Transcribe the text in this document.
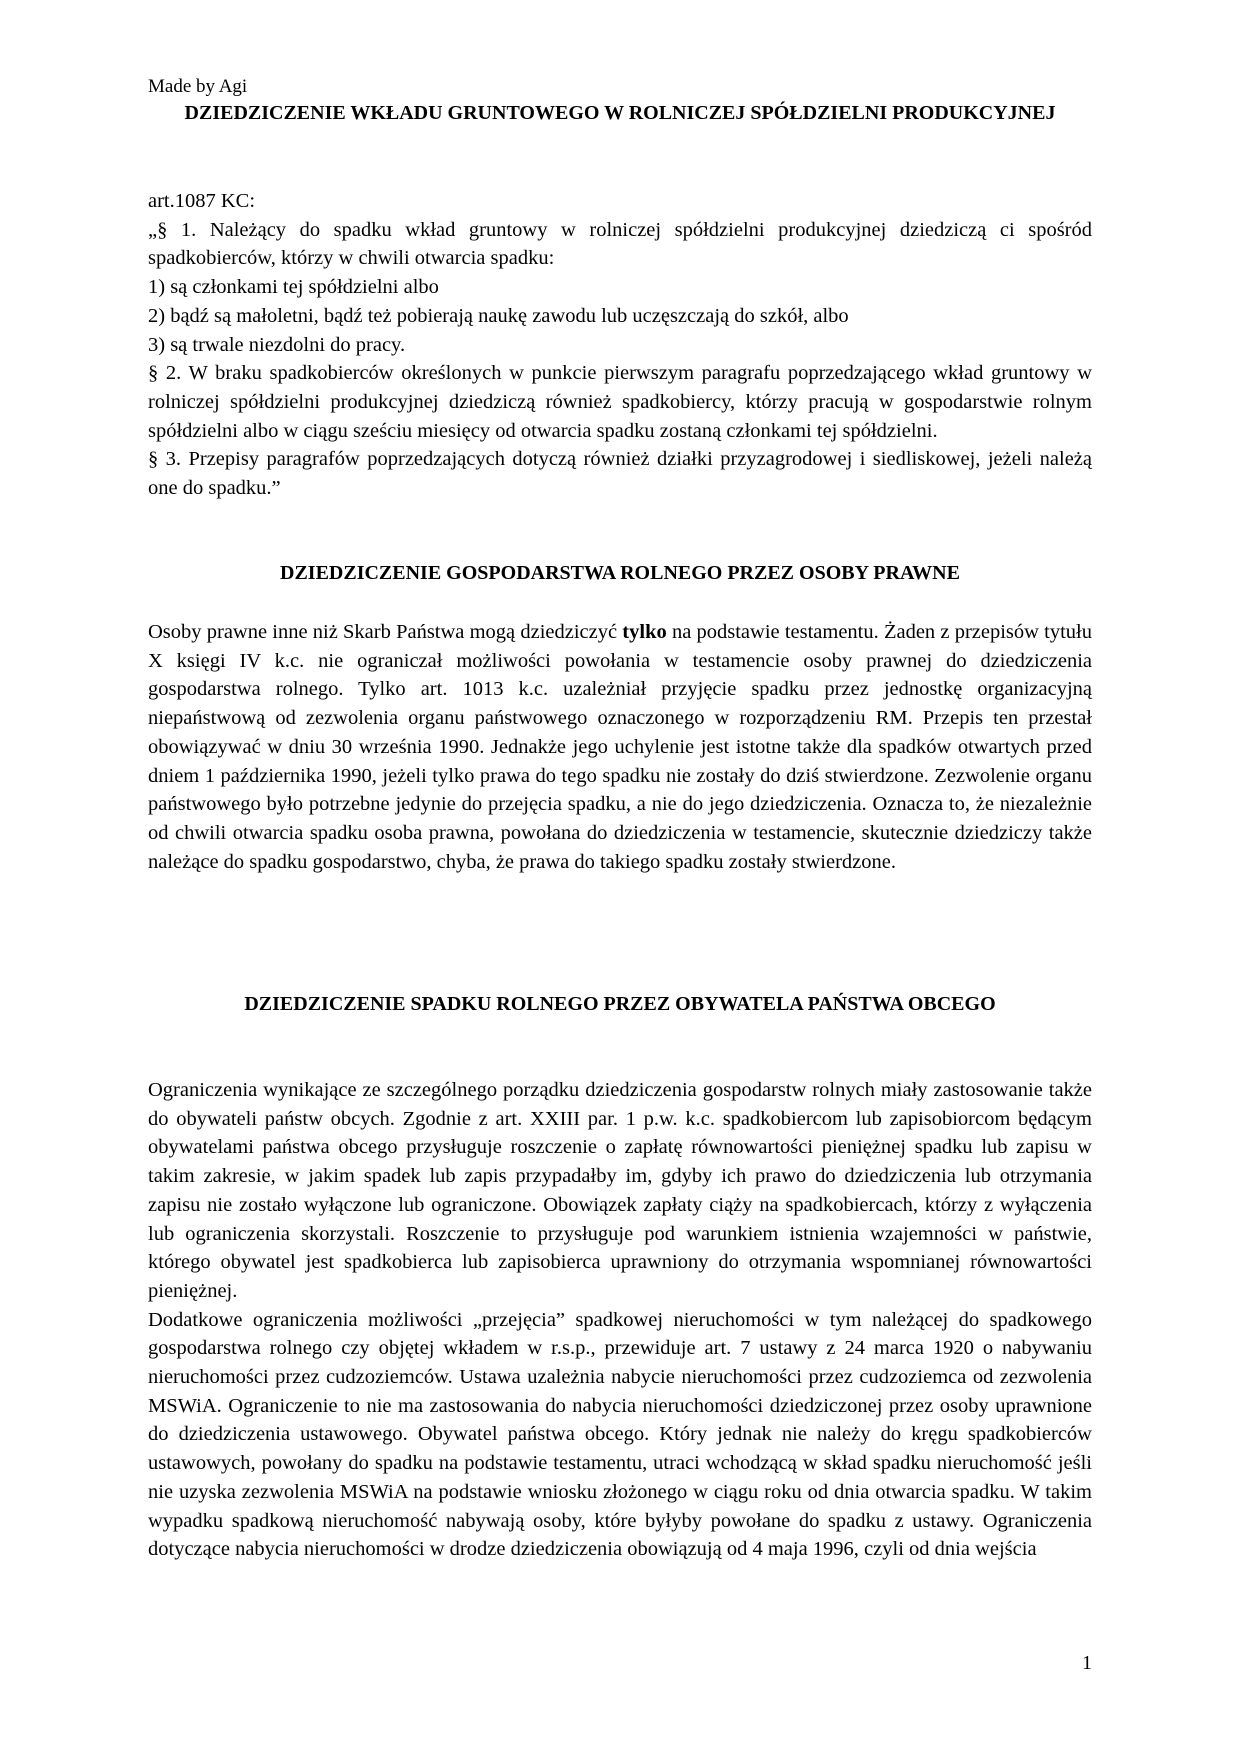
Made by Agi
DZIEDZICZENIE WKŁADU GRUNTOWEGO W ROLNICZEJ SPÓŁDZIELNI PRODUKCYJNEJ

art.1087 KC:

„§ 1. Należący do spadku wkład gruntowy w rolniczej spółdzielni produkcyjnej dziedziczą ci spośród spadkobierców, którzy w chwili otwarcia spadku:

1) są członkami tej spółdzielni albo

2) bądź są małoletni, bądź też pobierają naukę zawodu lub uczęszczają do szkół, albo

3) są trwale niezdolni do pracy.

§ 2. W braku spadkobierców określonych w punkcie pierwszym paragrafu poprzedzającego wkład gruntowy w rolniczej spółdzielni produkcyjnej dziedziczą również spadkobiercy, którzy pracują w gospodarstwie rolnym spółdzielni albo w ciągu sześciu miesięcy od otwarcia spadku zostaną członkami tej spółdzielni.

§ 3. Przepisy paragrafów poprzedzających dotyczą również działki przyzagrodowej i siedliskowej, jeżeli należą one do spadku.”

DZIEDZICZENIE GOSPODARSTWA ROLNEGO PRZEZ OSOBY PRAWNE

Osoby prawne inne niż Skarb Państwa mogą dziedziczyć tylko na podstawie testamentu. Żaden z przepisów tytułu X księgi IV k.c. nie ograniczał możliwości powołania w testamencie osoby prawnej do dziedziczenia gospodarstwa rolnego. Tylko art. 1013 k.c. uzależniał przyjęcie spadku przez jednostkę organizacyjną niepaństwową od zezwolenia organu państwowego oznaczonego w rozporządzeniu RM. Przepis ten przestał obowiązywać w dniu 30 września 1990. Jednakże jego uchylenie jest istotne także dla spadków otwartych przed dniem 1 października 1990, jeżeli tylko prawa do tego spadku nie zostały do dziś stwierdzone. Zezwolenie organu państwowego było potrzebne jedynie do przejęcia spadku, a nie do jego dziedziczenia. Oznacza to, że niezależnie od chwili otwarcia spadku osoba prawna, powołana do dziedziczenia w testamencie, skutecznie dziedziczy także należące do spadku gospodarstwo, chyba, że prawa do takiego spadku zostały stwierdzone.

DZIEDZICZENIE SPADKU ROLNEGO PRZEZ OBYWATELA PAŃSTWA OBCEGO

Ograniczenia wynikające ze szczególnego porządku dziedziczenia gospodarstw rolnych miały zastosowanie także do obywateli państw obcych. Zgodnie z art. XXIII par. 1 p.w. k.c. spadkobiercom lub zapisobiorcom będącym obywatelami państwa obcego przysługuje roszczenie o zapłatę równowartości pieniężnej spadku lub zapisu w takim zakresie, w jakim spadek lub zapis przypadałby im, gdyby ich prawo do dziedziczenia lub otrzymania zapisu nie zostało wyłączone lub ograniczone. Obowiązek zapłaty ciąży na spadkobiercach, którzy z wyłączenia lub ograniczenia skorzystali. Roszczenie to przysługuje pod warunkiem istnienia wzajemności w państwie, którego obywatel jest spadkobierca lub zapisobierca uprawniony do otrzymania wspomnianej równowartości pieniężnej.

Dodatkowe ograniczenia możliwości „przejęcia” spadkowej nieruchomości w tym należącej do spadkowego gospodarstwa rolnego czy objętej wkładem w r.s.p., przewiduje art. 7 ustawy z 24 marca 1920 o nabywaniu nieruchomości przez cudzoziemców. Ustawa uzależnia nabycie nieruchomości przez cudzoziemca od zezwolenia MSWiA. Ograniczenie to nie ma zastosowania do nabycia nieruchomości dziedziczonej przez osoby uprawnione do dziedziczenia ustawowego. Obywatel państwa obcego. Który jednak nie należy do kręgu spadkobierców ustawowych, powołany do spadku na podstawie testamentu, utraci wchodzącą w skład spadku nieruchomość jeśli nie uzyska zezwolenia MSWiA na podstawie wniosku złożonego w ciągu roku od dnia otwarcia spadku. W takim wypadku spadkową nieruchomość nabywają osoby, które byłyby powołane do spadku z ustawy. Ograniczenia dotyczące nabycia nieruchomości w drodze dziedziczenia obowiązują od 4 maja 1996, czyli od dnia wejścia

1
